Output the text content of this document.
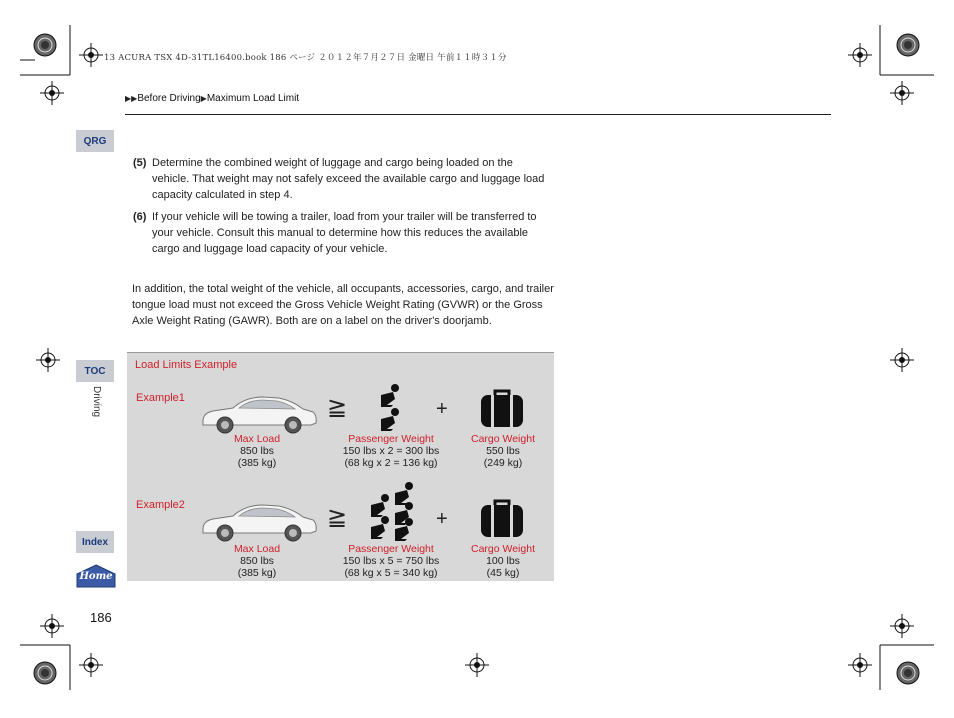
13 ACURA TSX 4D-31TL16400.book 186 ページ ２０１２年７月２７日 金曜日 午前１１時３１分
▶▶Before Driving▶Maximum Load Limit
QRG
TOC
Driving
Index
Home
(5) Determine the combined weight of luggage and cargo being loaded on the vehicle. That weight may not safely exceed the available cargo and luggage load capacity calculated in step 4.
(6) If your vehicle will be towing a trailer, load from your trailer will be transferred to your vehicle. Consult this manual to determine how this reduces the available cargo and luggage load capacity of your vehicle.
In addition, the total weight of the vehicle, all occupants, accessories, cargo, and trailer tongue load must not exceed the Gross Vehicle Weight Rating (GVWR) or the Gross Axle Weight Rating (GAWR). Both are on a label on the driver's doorjamb.
Load Limits Example
Example1	≧	+
Max Load
850 lbs
(385 kg)
Passenger Weight
150 lbs x 2 = 300 lbs
(68 kg x 2 = 136 kg)
Cargo Weight
550 lbs
(249 kg)
Example2	≧	+
Max Load
850 lbs
(385 kg)
Passenger Weight
150 lbs x 5 = 750 lbs
(68 kg x 5 = 340 kg)
Cargo Weight
100 lbs
(45 kg)
186
